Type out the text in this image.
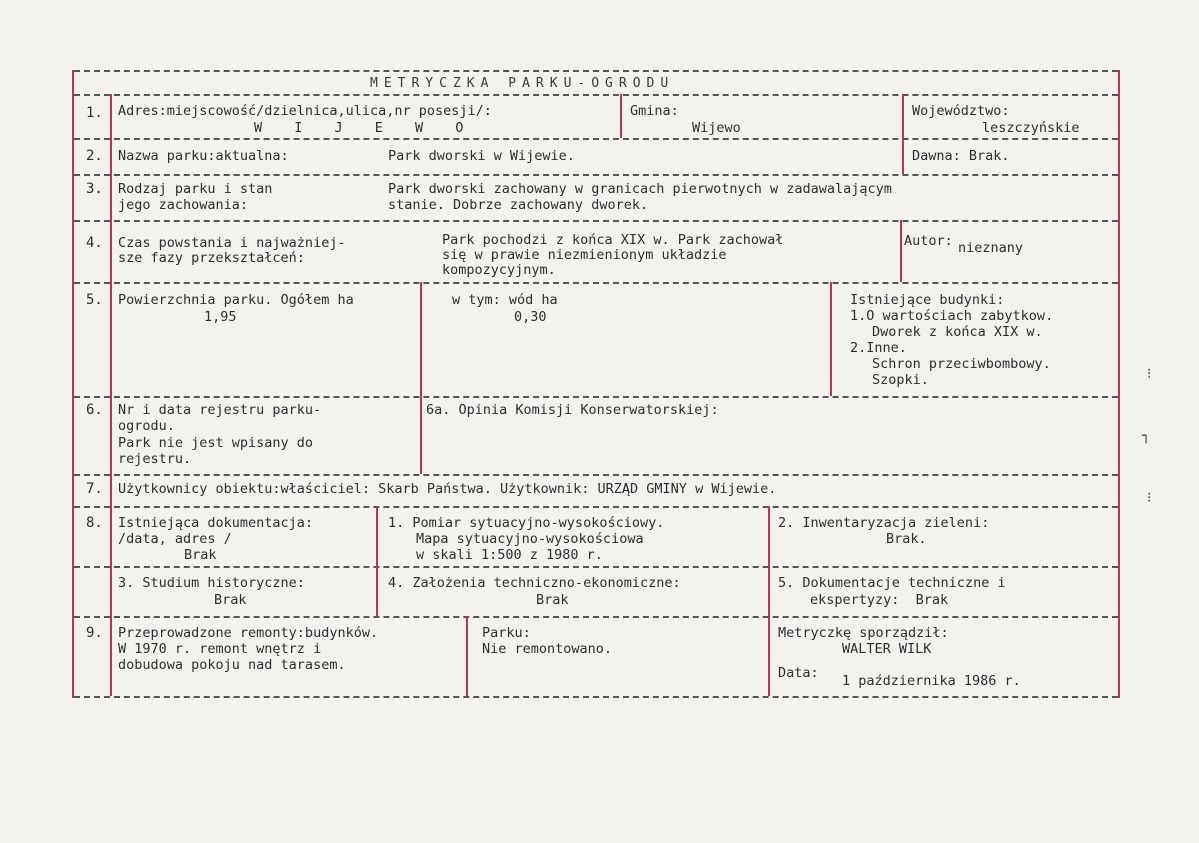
METRYCZKA PARKU-OGRODU
1. Adres:miejscowość/dzielnica,ulica,nr posesji/:
W I J E W O
Gmina:
Wijewo
Województwo:
leszczyńskie
2. Nazwa parku:aktualna:	Park dworski w Wijewie.	Dawna: Brak.
3. Rodzaj parku i stan
jego zachowania:
Park dworski zachowany w granicach pierwotnych w zadawalającym
stanie. Dobrze zachowany dworek.
4. Czas powstania i najważniej-
sze fazy przekształceń:
Park pochodzi z końca XIX w. Park zachował
się w prawie niezmienionym układzie
kompozycyjnym.
Autor: nieznany
5. Powierzchnia parku. Ogółem ha
1,95
w tym: wód ha
0,30
Istniejące budynki:
1.O wartościach zabytkow.
Dworek z końca XIX w.
2.Inne.
Schron przeciwbombowy.
Szopki.
6. Nr i data rejestru parku-
ogrodu.
Park nie jest wpisany do
rejestru.
6a. Opinia Komisji Konserwatorskiej:
7. Użytkownicy obiektu:właściciel: Skarb Państwa. Użytkownik: URZĄD GMINY w Wijewie.
8. Istniejąca dokumentacja:
/data, adres /
Brak
1. Pomiar sytuacyjno-wysokościowy.
Mapa sytuacyjno-wysokościowa
w skali 1:500 z 1980 r.
2. Inwentaryzacja zieleni:
Brak.
3. Studium historyczne:
Brak
4. Założenia techniczno-ekonomiczne:
Brak
5. Dokumentacje techniczne i
ekspertyzy:  Brak
9. Przeprowadzone remonty:budynków.
W 1970 r. remont wnętrz i
dobudowa pokoju nad tarasem.
Parku:
Nie remontowano.
Metryczkę sporządził:
WALTER WILK
Data: 1 października 1986 r.
⁝
┐
⁝
